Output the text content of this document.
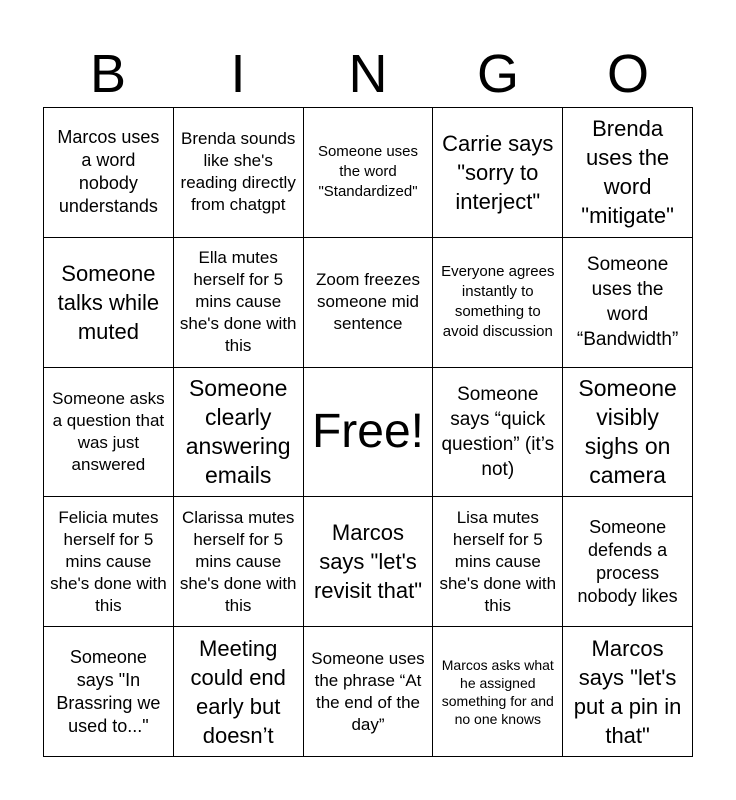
B	I	N	G	O
Marcos uses a word nobody understands
Brenda sounds like she's reading directly from chatgpt
Someone uses the word "Standardized"
Carrie says "sorry to interject"
Brenda uses the word "mitigate"
Someone talks while muted
Ella mutes herself for 5 mins cause she's done with this
Zoom freezes someone mid sentence
Everyone agrees instantly to something to avoid discussion
Someone uses the word “Bandwidth”
Someone asks a question that was just answered
Someone clearly answering emails
Free!
Someone says “quick question” (it’s not)
Someone visibly sighs on camera
Felicia mutes herself for 5 mins cause she's done with this
Clarissa mutes herself for 5 mins cause she's done with this
Marcos says "let's revisit that"
Lisa mutes herself for 5 mins cause she's done with this
Someone defends a process nobody likes
Someone says "In Brassring we used to..."
Meeting could end early but doesn’t
Someone uses the phrase “At the end of the day”
Marcos asks what he assigned something for and no one knows
Marcos says "let's put a pin in that"
